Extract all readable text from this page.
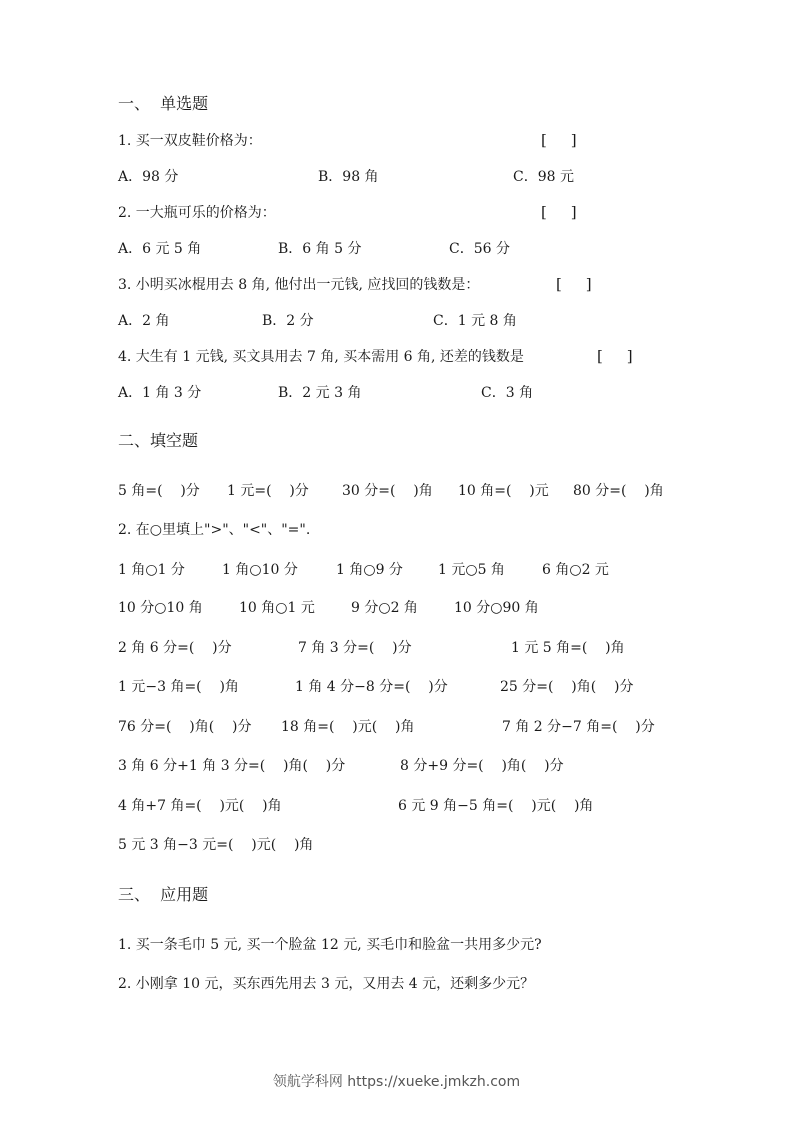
一、  单选题
1. 买一双皮鞋价格为：	[     ]
A．98 分	B．98 角	C．98 元
2. 一大瓶可乐的价格为：	[     ]
A．6 元 5 角	B．6 角 5 分	C．56 分
3. 小明买冰棍用去 8 角, 他付出一元钱, 应找回的钱数是：	[     ]
A．2 角	B．2 分	C．1 元 8 角
4. 大生有 1 元钱, 买文具用去 7 角, 买本需用 6 角, 还差的钱数是	[     ]
A．1 角 3 分	B．2 元 3 角	C．3 角
二、填空题
5 角=(    )分 1 元=(    )分 30 分=(    )角 10 角=(    )元 80 分=(    )角
2. 在○里填上">"、"<"、"=".
1 角○1 分	1 角○10 分	1 角○9 分	1 元○5 角	6 角○2 元
10 分○10 角	10 角○1 元	9 分○2 角	10 分○90 角
2 角 6 分=(    )分	7 角 3 分=(    )分	1 元 5 角=(    )角
1 元−3 角=(    )角	1 角 4 分−8 分=(    )分	25 分=(    )角(    )分
76 分=(    )角(    )分 18 角=(    )元(    )角	7 角 2 分−7 角=(    )分
3 角 6 分+1 角 3 分=(    )角(    )分	8 分+9 分=(    )角(    )分
4 角+7 角=(    )元(    )角	6 元 9 角−5 角=(    )元(    )角
5 元 3 角−3 元=(    )元(    )角
三、  应用题
1. 买一条毛巾 5 元, 买一个脸盆 12 元, 买毛巾和脸盆一共用多少元?
2. 小刚拿 10 元，买东西先用去 3 元，又用去 4 元，还剩多少元？
领航学科网 https://xueke.jmkzh.com
